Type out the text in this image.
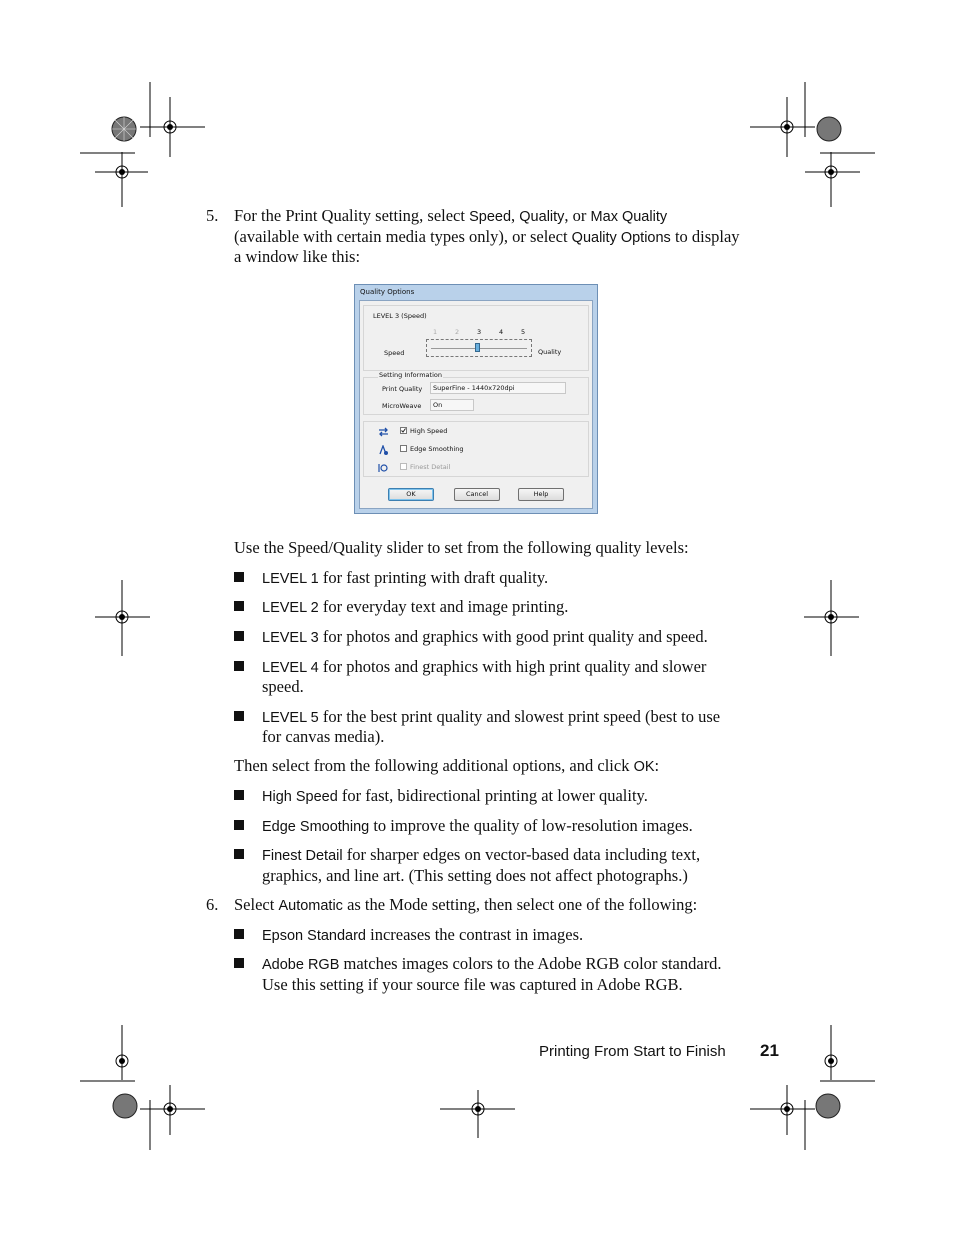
5. For the Print Quality setting, select Speed, Quality, or Max Quality
(available with certain media types only), or select Quality Options to display
a window like this:
Quality Options
LEVEL 3 (Speed)
1	2	3	4	5
Speed	Quality
Setting Information
Print Quality SuperFine - 1440x720dpi
MicroWeave On
High Speed
Edge Smoothing
Finest Detail
OK	Cancel	Help
Use the Speed/Quality slider to set from the following quality levels:
LEVEL 1 for fast printing with draft quality.
LEVEL 2 for everyday text and image printing.
LEVEL 3 for photos and graphics with good print quality and speed.
LEVEL 4 for photos and graphics with high print quality and slower
speed.
LEVEL 5 for the best print quality and slowest print speed (best to use
for canvas media).
Then select from the following additional options, and click OK:
High Speed for fast, bidirectional printing at lower quality.
Edge Smoothing to improve the quality of low-resolution images.
Finest Detail for sharper edges on vector-based data including text,
graphics, and line art. (This setting does not affect photographs.)
6. Select Automatic as the Mode setting, then select one of the following:
Epson Standard increases the contrast in images.
Adobe RGB matches images colors to the Adobe RGB color standard.
Use this setting if your source file was captured in Adobe RGB.
Printing From Start to Finish 21
